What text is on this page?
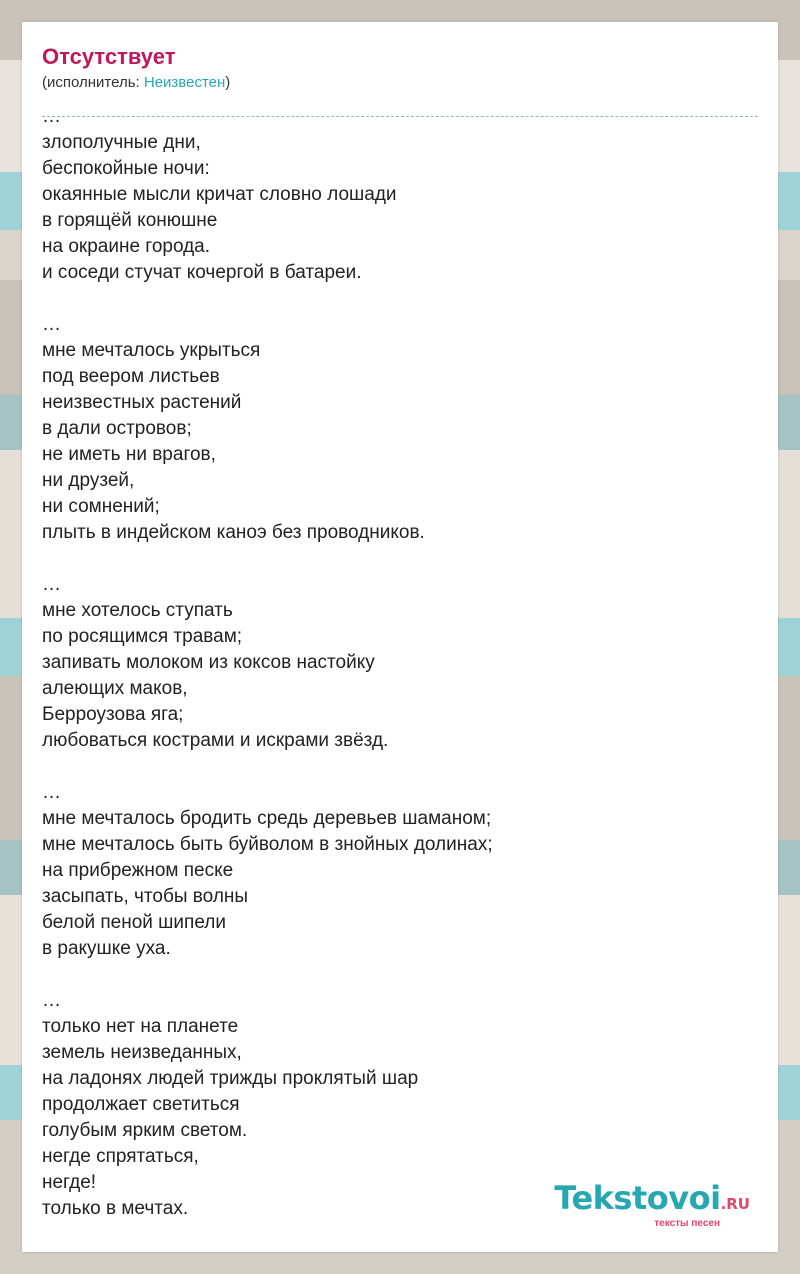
Отсутствует
(исполнитель: Неизвестен)
…
злополучные дни,
беспокойные ночи:
окаянные мысли кричат словно лошади
в горящёй конюшне
на окраине города.
и соседи стучат кочергой в батареи.
…
мне мечталось укрыться
под веером листьев
неизвестных растений
в дали островов;
не иметь ни врагов,
ни друзей,
ни сомнений;
плыть в индейском каноэ без проводников.
…
мне хотелось ступать
по росящимся травам;
запивать молоком из коксов настойку
алеющих маков,
Берроузова яга;
любоваться кострами и искрами звёзд.
…
мне мечталось бродить средь деревьев шаманом;
мне мечталось быть буйволом в знойных долинах;
на прибрежном песке
засыпать, чтобы волны
белой пеной шипели
в ракушке уха.
…
только нет на планете
земель неизведанных,
на ладонях людей трижды проклятый шар
продолжает светиться
голубым ярким светом.
негде спрятаться,
негде!
только в мечтах.	Tekstovoi.RU
тексты песен
